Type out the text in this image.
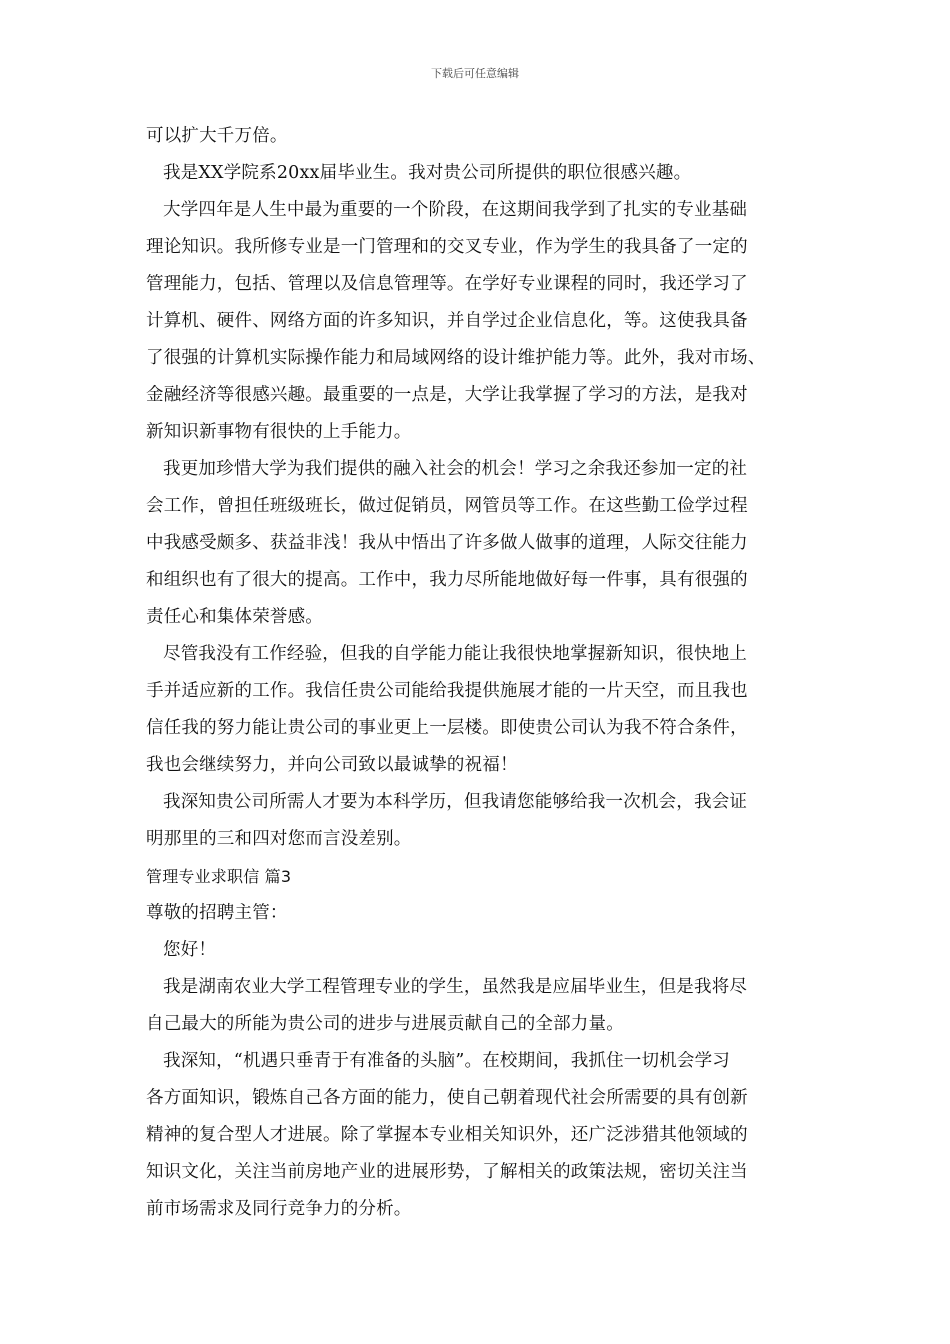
下载后可任意编辑
可以扩大千万倍。
我是XX学院系20xx届毕业生。我对贵公司所提供的职位很感兴趣。
大学四年是人生中最为重要的一个阶段，在这期间我学到了扎实的专业基础
理论知识。我所修专业是一门管理和的交叉专业，作为学生的我具备了一定的
管理能力，包括、管理以及信息管理等。在学好专业课程的同时，我还学习了
计算机、硬件、网络方面的许多知识，并自学过企业信息化，等。这使我具备
了很强的计算机实际操作能力和局域网络的设计维护能力等。此外，我对市场、
金融经济等很感兴趣。最重要的一点是，大学让我掌握了学习的方法，是我对
新知识新事物有很快的上手能力。
我更加珍惜大学为我们提供的融入社会的机会！学习之余我还参加一定的社
会工作，曾担任班级班长，做过促销员，网管员等工作。在这些勤工俭学过程
中我感受颇多、获益非浅！我从中悟出了许多做人做事的道理，人际交往能力
和组织也有了很大的提高。工作中，我力尽所能地做好每一件事，具有很强的
责任心和集体荣誉感。
尽管我没有工作经验，但我的自学能力能让我很快地掌握新知识，很快地上
手并适应新的工作。我信任贵公司能给我提供施展才能的一片天空，而且我也
信任我的努力能让贵公司的事业更上一层楼。即使贵公司认为我不符合条件，
我也会继续努力，并向公司致以最诚挚的祝福！
我深知贵公司所需人才要为本科学历，但我请您能够给我一次机会，我会证
明那里的三和四对您而言没差别。
管理专业求职信 篇3
尊敬的招聘主管：
您好！
我是湖南农业大学工程管理专业的学生，虽然我是应届毕业生，但是我将尽
自己最大的所能为贵公司的进步与进展贡献自己的全部力量。
我深知，“机遇只垂青于有准备的头脑”。在校期间，我抓住一切机会学习
各方面知识，锻炼自己各方面的能力，使自己朝着现代社会所需要的具有创新
精神的复合型人才进展。除了掌握本专业相关知识外，还广泛涉猎其他领域的
知识文化，关注当前房地产业的进展形势，了解相关的政策法规，密切关注当
前市场需求及同行竞争力的分析。
